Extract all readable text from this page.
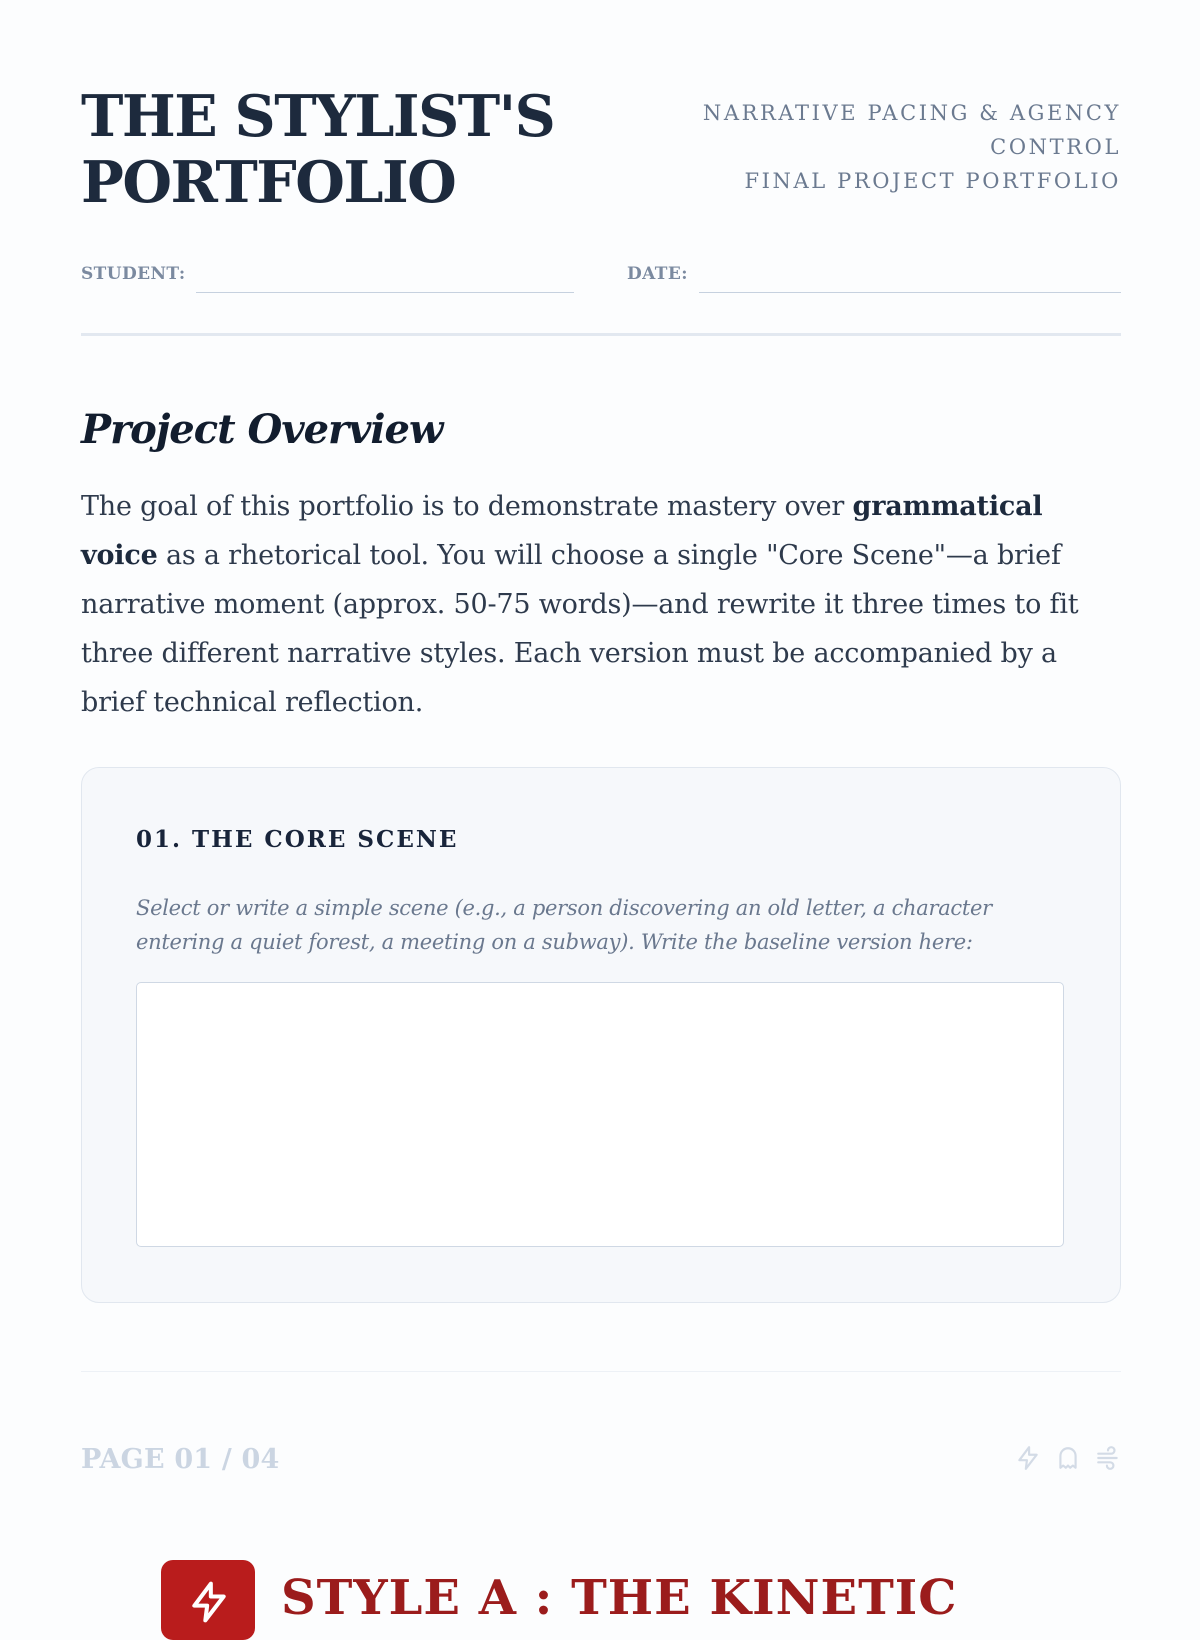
THE STYLIST'S
PORTFOLIO
NARRATIVE PACING & AGENCY
CONTROL
FINAL PROJECT PORTFOLIO
STUDENT:	DATE:
Project Overview

The goal of this portfolio is to demonstrate mastery over grammatical voice as a rhetorical tool. You will choose a single "Core Scene"—a brief narrative moment (approx. 50-75 words)—and rewrite it three times to fit three different narrative styles. Each version must be accompanied by a brief technical reflection.

01. THE CORE SCENE

Select or write a simple scene (e.g., a person discovering an old letter, a character entering a quiet forest, a meeting on a subway). Write the baseline version here:

PAGE 01 / 04
STYLE A : THE KINETIC
